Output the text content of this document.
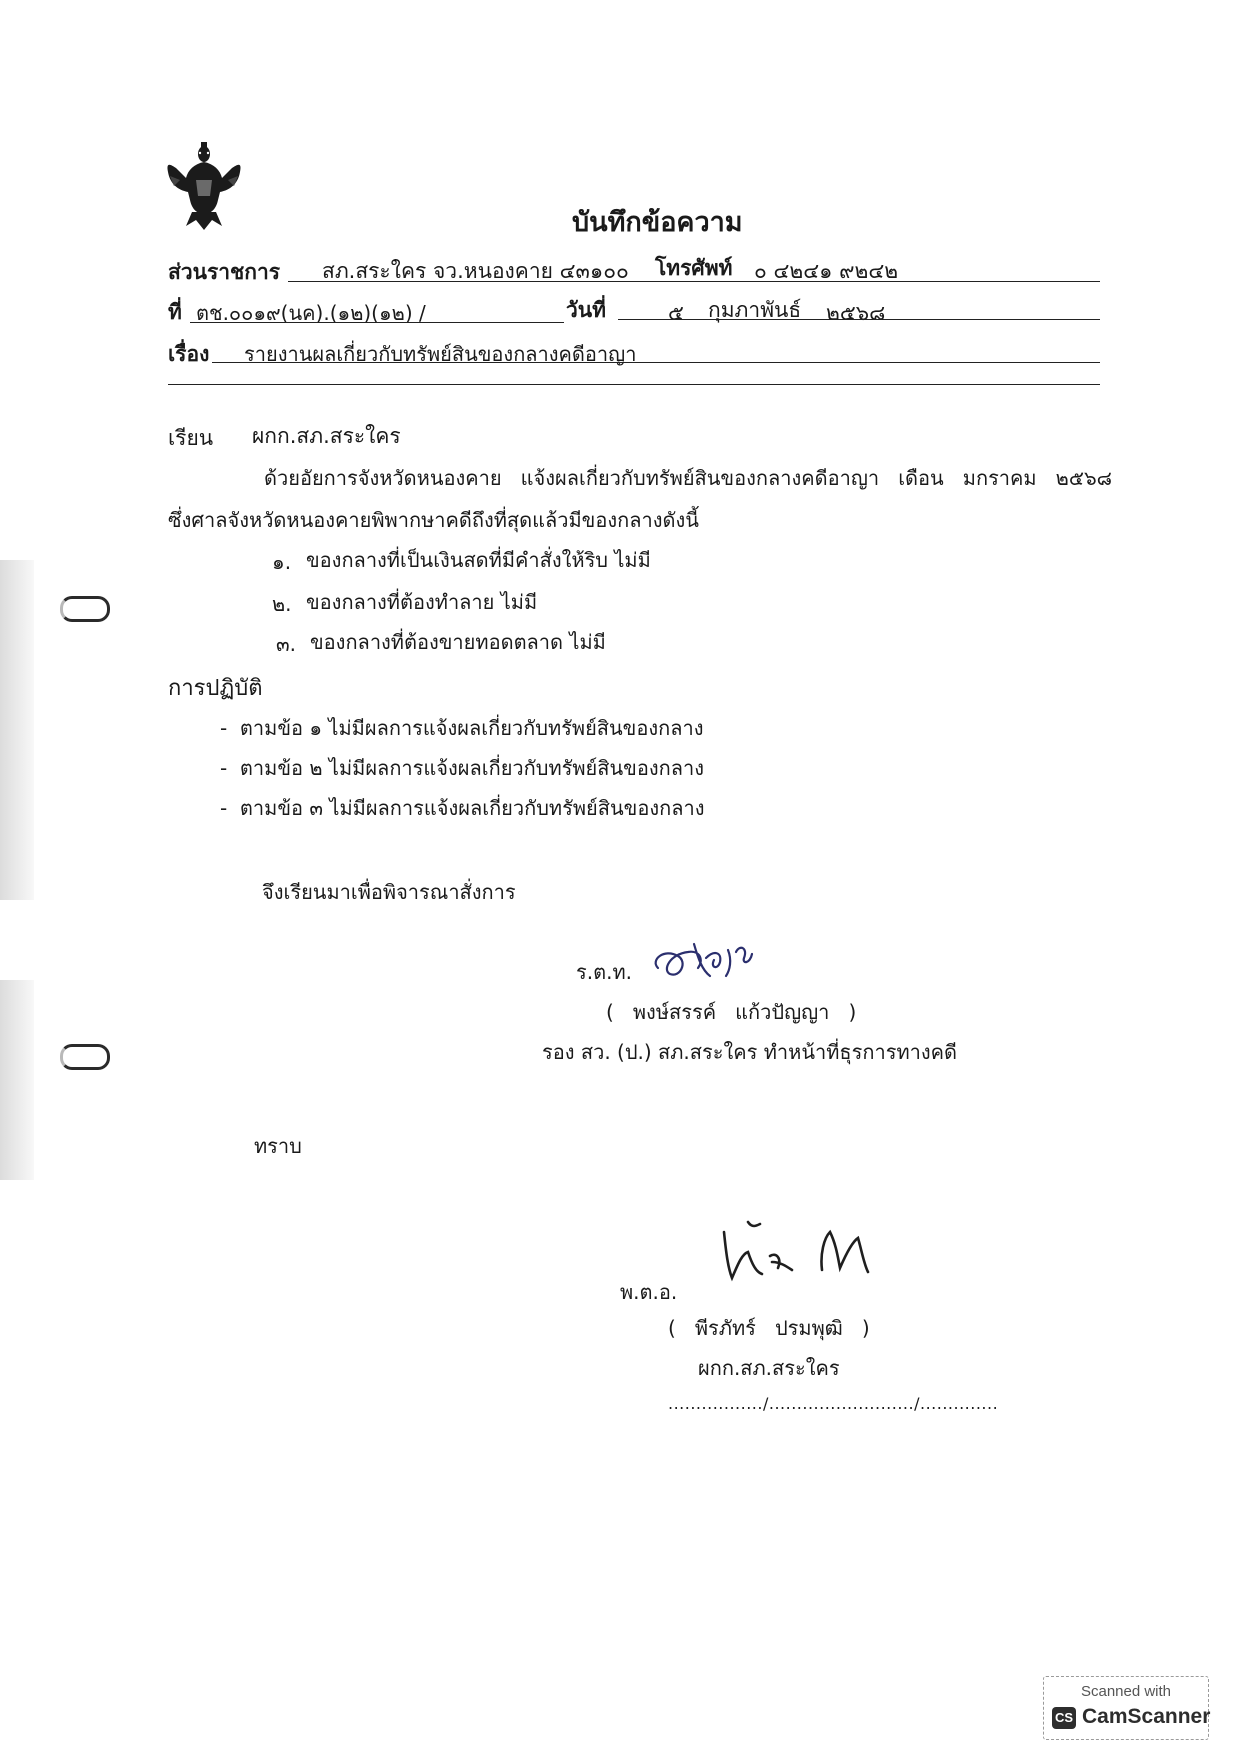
บันทึกข้อความ
ส่วนราชการ สภ.สระใคร จว.หนองคาย ๔๓๑๐๐ โทรศัพท์ ๐ ๔๒๔๑ ๙๒๔๒
ที่ ตช.๐๐๑๙(นค).(๑๒)(๑๒) /	วันที่	๕ กุมภาพันธ์ ๒๕๖๘
เรื่อง รายงานผลเกี่ยวกับทรัพย์สินของกลางคดีอาญา
เรียน ผกก.สภ.สระใคร
ด้วยอัยการจังหวัดหนองคาย   แจ้งผลเกี่ยวกับทรัพย์สินของกลางคดีอาญา   เดือน   มกราคม   ๒๕๖๘
ซึ่งศาลจังหวัดหนองคายพิพากษาคดีถึงที่สุดแล้วมีของกลางดังนี้
๑. ของกลางที่เป็นเงินสดที่มีคำสั่งให้ริบ ไม่มี
๒. ของกลางที่ต้องทำลาย ไม่มี
๓. ของกลางที่ต้องขายทอดตลาด ไม่มี
การปฏิบัติ
-  ตามข้อ ๑ ไม่มีผลการแจ้งผลเกี่ยวกับทรัพย์สินของกลาง
-  ตามข้อ ๒ ไม่มีผลการแจ้งผลเกี่ยวกับทรัพย์สินของกลาง
-  ตามข้อ ๓ ไม่มีผลการแจ้งผลเกี่ยวกับทรัพย์สินของกลาง
จึงเรียนมาเพื่อพิจารณาสั่งการ
ร.ต.ท.
(   พงษ์สรรค์   แก้วปัญญา   )
รอง สว. (ป.) สภ.สระใคร ทำหน้าที่ธุรการทางคดี
ทราบ
พ.ต.อ.
(   พีรภัทร์   ปรมพุฒิ   )
ผกก.สภ.สระใคร
................./........................../..............
Scanned with
CS CamScanner
